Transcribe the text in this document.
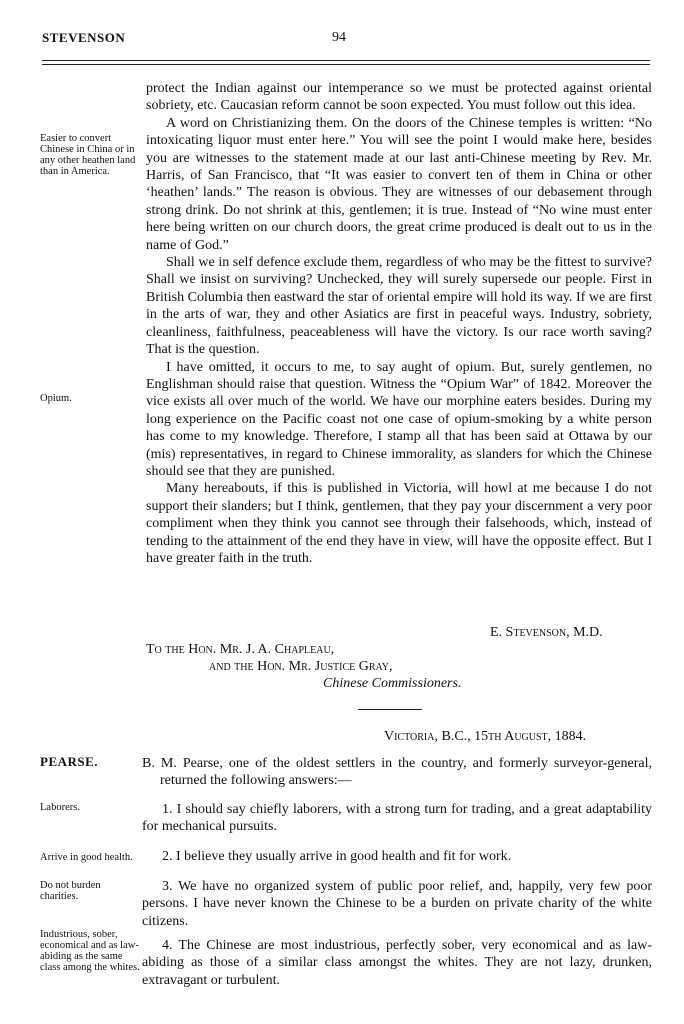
STEVENSON	94
Easier to convert Chinese in China or in any other heathen land than in America.
Opium.
PEARSE.
Laborers.
Arrive in good health.
Do not burden charities.
Industrious, sober, economical and as law-abiding as the same class among the whites.

protect the Indian against our intemperance so we must be protected against oriental sobriety, etc. Caucasian reform cannot be soon expected. You must follow out this idea.

A word on Christianizing them. On the doors of the Chinese temples is written: “No intoxicating liquor must enter here.” You will see the point I would make here, besides you are witnesses to the statement made at our last anti-Chinese meeting by Rev. Mr. Harris, of San Francisco, that “It was easier to convert ten of them in China or other ‘heathen’ lands.” The reason is obvious. They are witnesses of our debasement through strong drink. Do not shrink at this, gentlemen; it is true. Instead of “No wine must enter here being written on our church doors, the great crime produced is dealt out to us in the name of God.”

Shall we in self defence exclude them, regardless of who may be the fittest to survive? Shall we insist on surviving? Unchecked, they will surely supersede our people. First in British Columbia then eastward the star of oriental empire will hold its way. If we are first in the arts of war, they and other Asiatics are first in peaceful ways. Industry, sobriety, cleanliness, faithfulness, peaceableness will have the victory. Is our race worth saving? That is the question.

I have omitted, it occurs to me, to say aught of opium. But, surely gentlemen, no Englishman should raise that question. Witness the “Opium War” of 1842. Moreover the vice exists all over much of the world. We have our morphine eaters besides. During my long experience on the Pacific coast not one case of opium-smoking by a white person has come to my knowledge. Therefore, I stamp all that has been said at Ottawa by our (mis) representatives, in regard to Chinese immorality, as slanders for which the Chinese should see that they are punished.

Many hereabouts, if this is published in Victoria, will howl at me because I do not support their slanders; but I think, gentlemen, that they pay your discernment a very poor compliment when they think you cannot see through their falsehoods, which, instead of tending to the attainment of the end they have in view, will have the opposite effect. But I have greater faith in the truth.

E. Stevenson, M.D.
To the Hon. Mr. J. A. Chapleau,
and the Hon. Mr. Justice Gray,
Chinese Commissioners.
Victoria, B.C., 15th August, 1884.

B. M. Pearse, one of the oldest settlers in the country, and formerly surveyor-general, returned the following answers:—

1. I should say chiefly laborers, with a strong turn for trading, and a great adaptability for mechanical pursuits.

2. I believe they usually arrive in good health and fit for work.

3. We have no organized system of public poor relief, and, happily, very few poor persons. I have never known the Chinese to be a burden on private charity of the white citizens.

4. The Chinese are most industrious, perfectly sober, very economical and as law-abiding as those of a similar class amongst the whites. They are not lazy, drunken, extravagant or turbulent.
